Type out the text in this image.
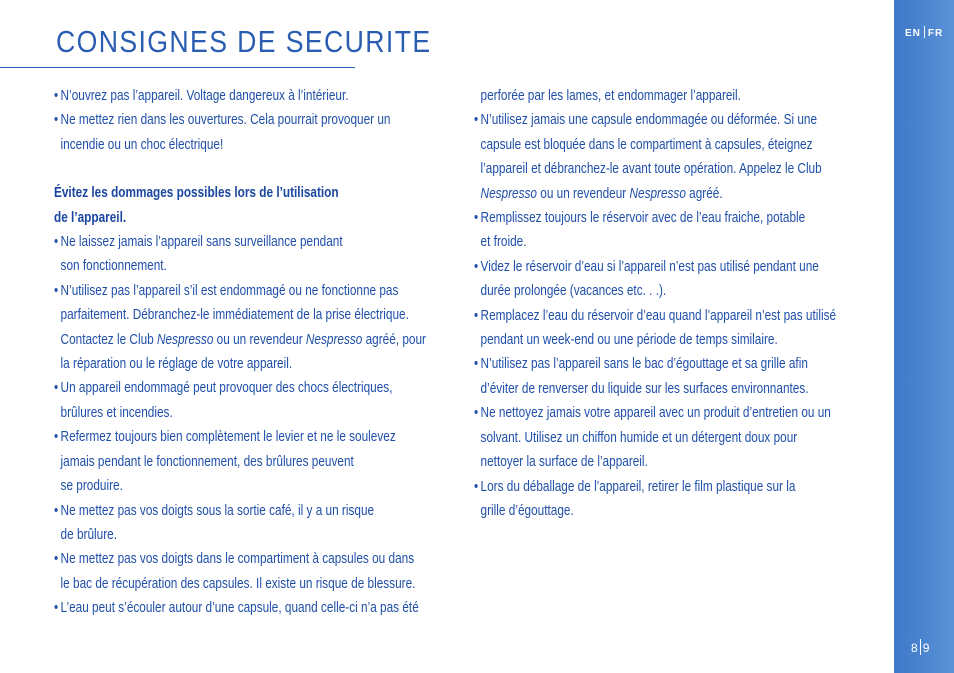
CONSIGNES DE SECURITE
• N’ouvrez pas l’appareil. Voltage dangereux à l’intérieur.
• Ne mettez rien dans les ouvertures. Cela pourrait provoquer un
incendie ou un choc électrique!
Évitez les dommages possibles lors de l’utilisation
de l’appareil.
• Ne laissez jamais l’appareil sans surveillance pendant
son fonctionnement.
• N’utilisez pas l’appareil s’il est endommagé ou ne fonctionne pas
parfaitement. Débranchez-le immédiatement de la prise électrique.
Contactez le Club Nespresso ou un revendeur Nespresso agréé, pour
la réparation ou le réglage de votre appareil.
• Un appareil endommagé peut provoquer des chocs électriques,
brûlures et incendies.
• Refermez toujours bien complètement le levier et ne le soulevez
jamais pendant le fonctionnement, des brûlures peuvent
se produire.
• Ne mettez pas vos doigts sous la sortie café, il y a un risque
de brûlure.
• Ne mettez pas vos doigts dans le compartiment à capsules ou dans
le bac de récupération des capsules. Il existe un risque de blessure.
• L’eau peut s’écouler autour d’une capsule, quand celle-ci n’a pas été

perforée par les lames, et endommager l’appareil.

• N’utilisez jamais une capsule endommagée ou déformée. Si une
capsule est bloquée dans le compartiment à capsules, éteignez
l’appareil et débranchez-le avant toute opération. Appelez le Club
Nespresso ou un revendeur Nespresso agréé.
• Remplissez toujours le réservoir avec de l’eau fraiche, potable
et froide.
• Videz le réservoir d’eau si l’appareil n’est pas utilisé pendant une
durée prolongée (vacances etc. . .).
• Remplacez l’eau du réservoir d’eau quand l’appareil n’est pas utilisé
pendant un week-end ou une période de temps similaire.
• N’utilisez pas l’appareil sans le bac d’égouttage et sa grille afin
d’éviter de renverser du liquide sur les surfaces environnantes.
• Ne nettoyez jamais votre appareil avec un produit d’entretien ou un
solvant. Utilisez un chiffon humide et un détergent doux pour
nettoyer la surface de l’appareil.
• Lors du déballage de l’appareil, retirer le film plastique sur la
grille d’égouttage.
EN FR
8 9
